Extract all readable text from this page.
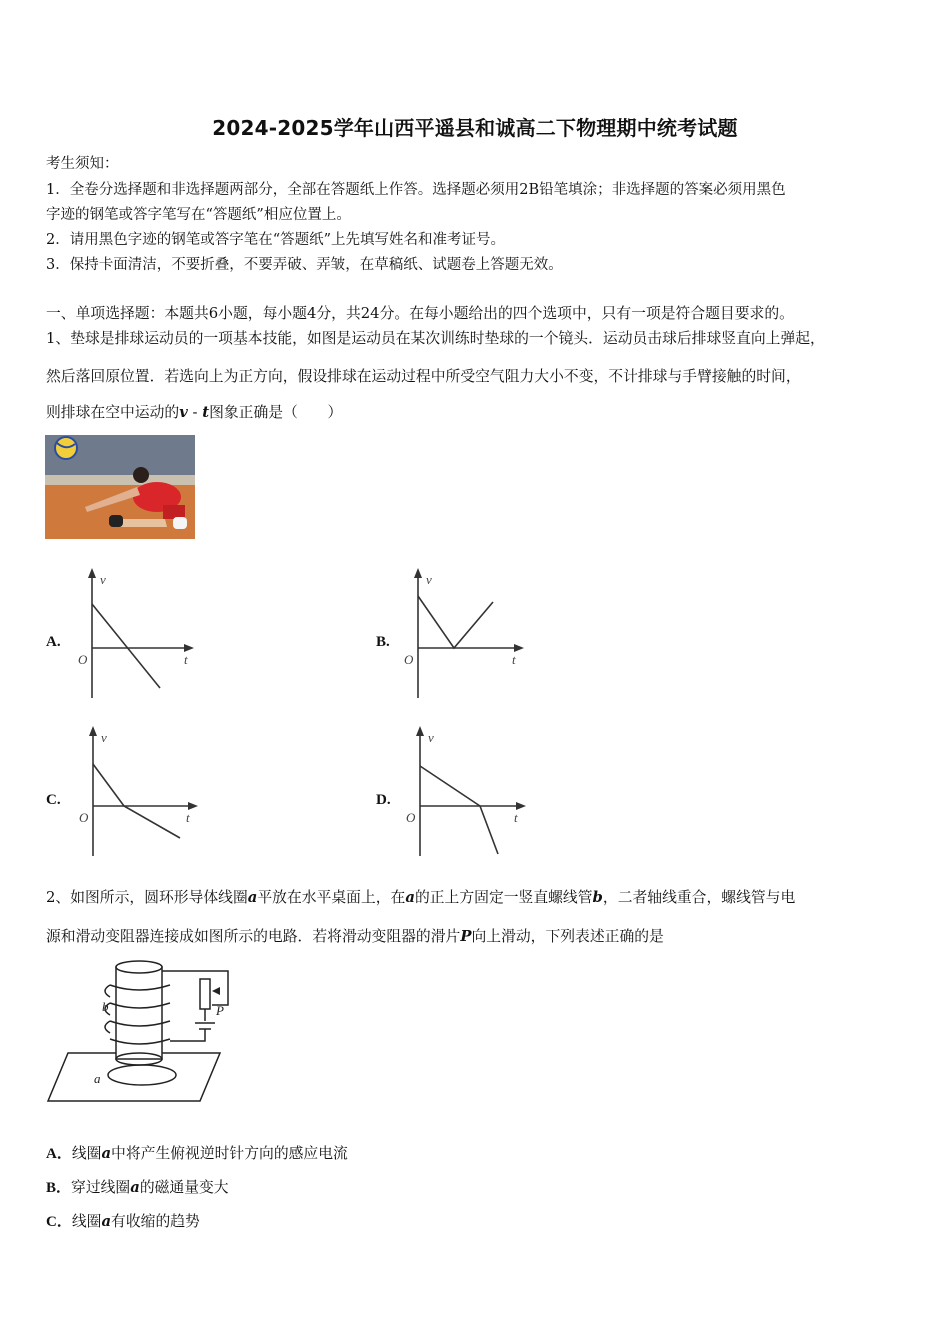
2024-2025学年山西平遥县和诚高二下物理期中统考试题
考生须知：
1．全卷分选择题和非选择题两部分，全部在答题纸上作答。选择题必须用2B铅笔填涂；非选择题的答案必须用黑色
字迹的钢笔或答字笔写在“答题纸”相应位置上。
2．请用黑色字迹的钢笔或答字笔在“答题纸”上先填写姓名和准考证号。
3．保持卡面清洁，不要折叠，不要弄破、弄皱，在草稿纸、试题卷上答题无效。
一、单项选择题：本题共6小题，每小题4分，共24分。在每小题给出的四个选项中，只有一项是符合题目要求的。
1、垫球是排球运动员的一项基本技能，如图是运动员在某次训练时垫球的一个镜头．运动员击球后排球竖直向上弹起，
然后落回原位置．若选向上为正方向，假设排球在运动过程中所受空气阻力大小不变，不计排球与手臂接触的时间，
则排球在空中运动的v - t图象正确是（　　）
v
t
O
v
t
O
v
t
O
v
t
O
A.	B.
C.	D.
2、如图所示，圆环形导体线圈a平放在水平桌面上，在a的正上方固定一竖直螺线管b，二者轴线重合，螺线管与电
源和滑动变阻器连接成如图所示的电路．若将滑动变阻器的滑片P向上滑动，下列表述正确的是
b
a
P
A．线圈a中将产生俯视逆时针方向的感应电流
B．穿过线圈a的磁通量变大
C．线圈a有收缩的趋势
